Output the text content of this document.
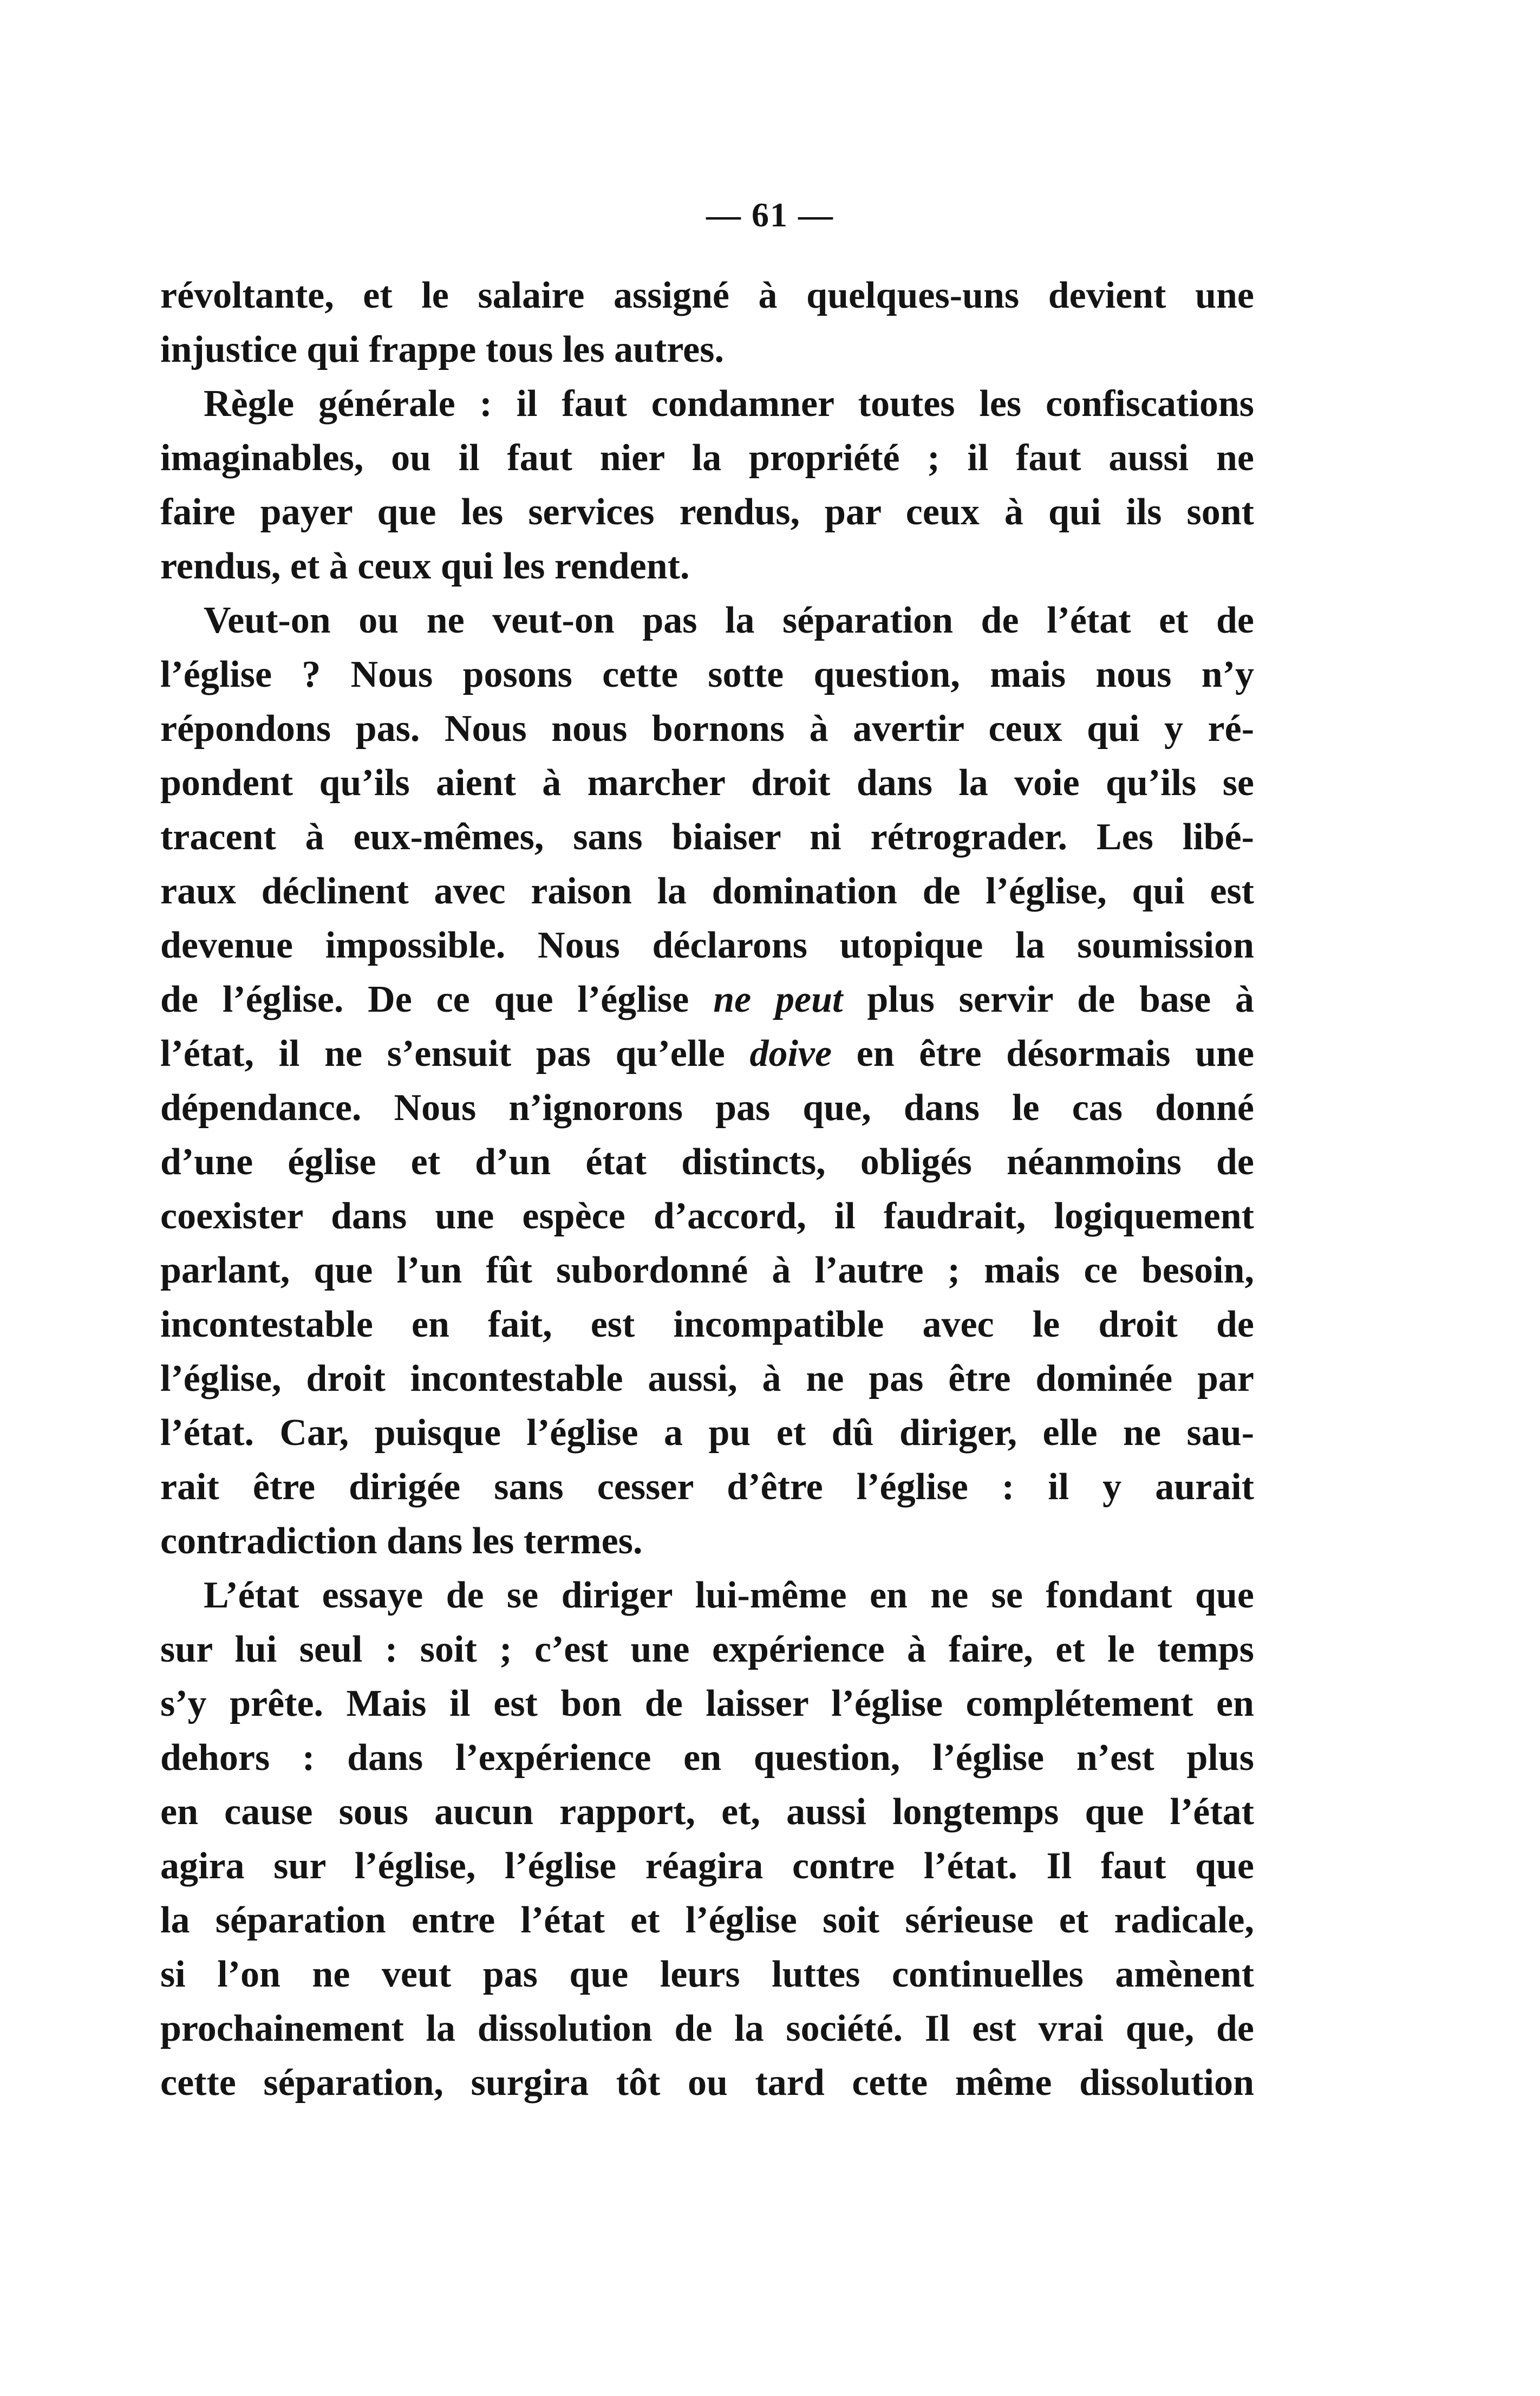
— 61 —
révoltante, et le salaire assigné à quelques-uns devient une
injustice qui frappe tous les autres.
Règle générale : il faut condamner toutes les confiscations
imaginables, ou il faut nier la propriété ; il faut aussi ne
faire payer que les services rendus, par ceux à qui ils sont
rendus, et à ceux qui les rendent.
Veut-on ou ne veut-on pas la séparation de l’état et de
l’église ? Nous posons cette sotte question, mais nous n’y
répondons pas. Nous nous bornons à avertir ceux qui y ré-
pondent qu’ils aient à marcher droit dans la voie qu’ils se
tracent à eux-mêmes, sans biaiser ni rétrograder. Les libé-
raux déclinent avec raison la domination de l’église, qui est
devenue impossible. Nous déclarons utopique la soumission
de l’église. De ce que l’église ne peut plus servir de base à
l’état, il ne s’ensuit pas qu’elle doive en être désormais une
dépendance. Nous n’ignorons pas que, dans le cas donné
d’une église et d’un état distincts, obligés néanmoins de
coexister dans une espèce d’accord, il faudrait, logiquement
parlant, que l’un fût subordonné à l’autre ; mais ce besoin,
incontestable en fait, est incompatible avec le droit de
l’église, droit incontestable aussi, à ne pas être dominée par
l’état. Car, puisque l’église a pu et dû diriger, elle ne sau-
rait être dirigée sans cesser d’être l’église : il y aurait
contradiction dans les termes.
L’état essaye de se diriger lui-même en ne se fondant que
sur lui seul : soit ; c’est une expérience à faire, et le temps
s’y prête. Mais il est bon de laisser l’église complétement en
dehors : dans l’expérience en question, l’église n’est plus
en cause sous aucun rapport, et, aussi longtemps que l’état
agira sur l’église, l’église réagira contre l’état. Il faut que
la séparation entre l’état et l’église soit sérieuse et radicale,
si l’on ne veut pas que leurs luttes continuelles amènent
prochainement la dissolution de la société. Il est vrai que, de
cette séparation, surgira tôt ou tard cette même dissolution
